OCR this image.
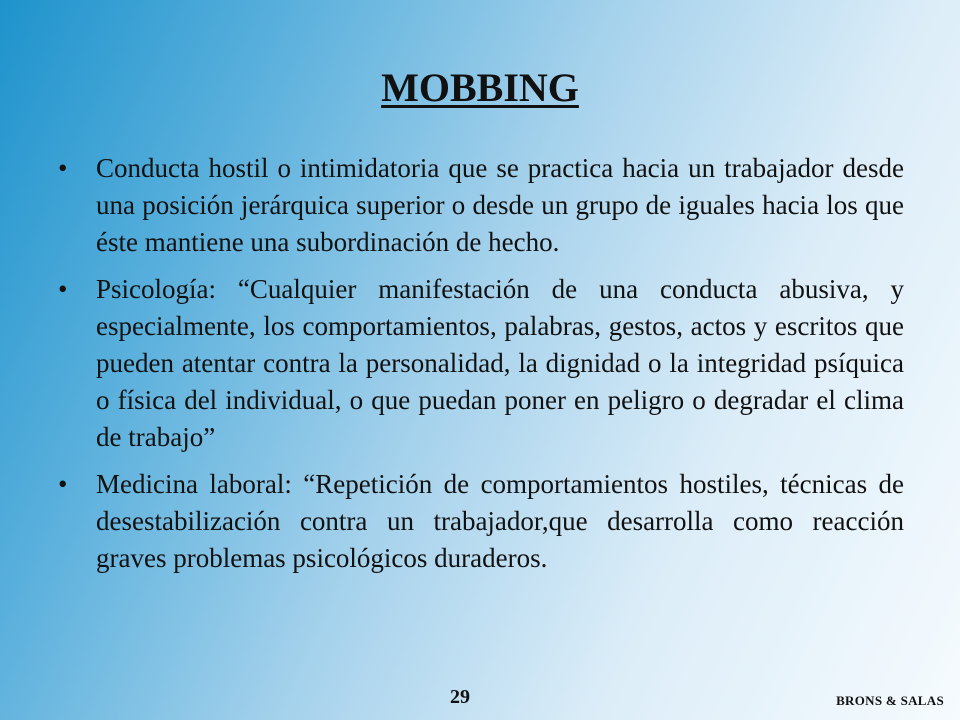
MOBBING
•	Conducta hostil o intimidatoria que se practica hacia un trabajador desde una posición jerárquica superior o desde un grupo de iguales hacia los que éste mantiene una subordinación de hecho.
•	Psicología: “Cualquier manifestación de una conducta abusiva, y especialmente, los comportamientos, palabras, gestos, actos y escritos que pueden atentar contra la personalidad, la dignidad o la integridad psíquica o física del individual, o que puedan poner en peligro o degradar el clima de trabajo”
•	Medicina laboral: “Repetición de comportamientos hostiles, técnicas de desestabilización contra un trabajador,que desarrolla como reacción graves problemas psicológicos duraderos.
29	BRONS & SALAS
